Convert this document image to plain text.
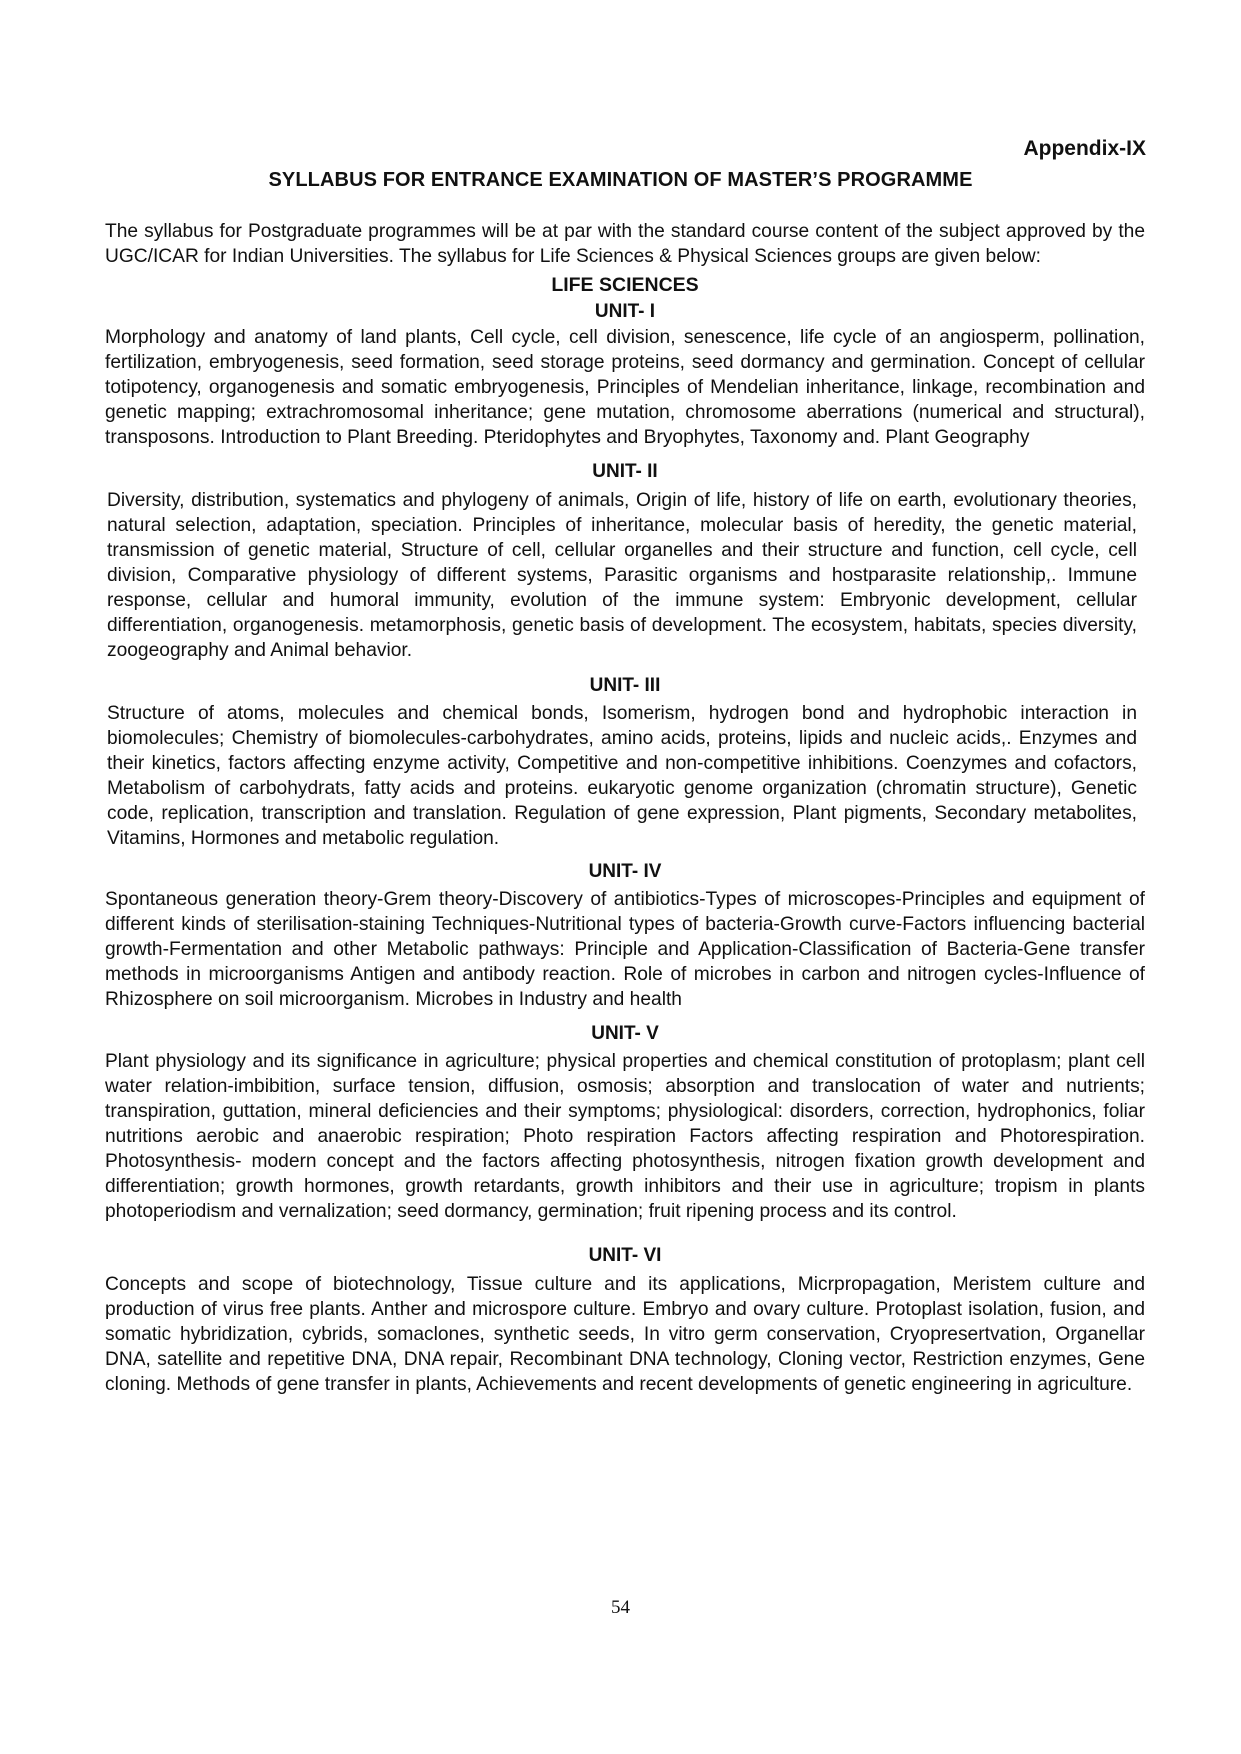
Appendix-IX
SYLLABUS FOR ENTRANCE EXAMINATION OF MASTER’S PROGRAMME

The syllabus for Postgraduate programmes will be at par with the standard course content of the subject approved by the UGC/ICAR for Indian Universities. The syllabus for Life Sciences & Physical Sciences groups are given below:

LIFE SCIENCES
UNIT- I

Morphology and anatomy of land plants, Cell cycle, cell division, senescence, life cycle of an angiosperm, pollination, fertilization, embryogenesis, seed formation, seed storage proteins, seed dormancy and germination. Concept of cellular totipotency, organogenesis and somatic embryogenesis, Principles of Mendelian inheritance, linkage, recombination and genetic mapping; extrachromosomal inheritance; gene mutation, chromosome aberrations (numerical and structural), transposons. Introduction to Plant Breeding. Pteridophytes and Bryophytes, Taxonomy and. Plant Geography

UNIT- II

Diversity, distribution, systematics and phylogeny of animals, Origin of life, history of life on earth, evolutionary theories, natural selection, adaptation, speciation. Principles of inheritance, molecular basis of heredity, the genetic material, transmission of genetic material, Structure of cell, cellular organelles and their structure and function, cell cycle, cell division, Comparative physiology of different systems, Parasitic organisms and hostparasite relationship,. Immune response, cellular and humoral immunity, evolution of the immune system: Embryonic development, cellular differentiation, organogenesis. metamorphosis, genetic basis of development. The ecosystem, habitats, species diversity, zoogeography and Animal behavior.

UNIT- III

Structure of atoms, molecules and chemical bonds, Isomerism, hydrogen bond and hydrophobic interaction in biomolecules; Chemistry of biomolecules-carbohydrates, amino acids, proteins, lipids and nucleic acids,. Enzymes and their kinetics, factors affecting enzyme activity, Competitive and non-competitive inhibitions. Coenzymes and cofactors, Metabolism of carbohydrats, fatty acids and proteins. eukaryotic genome organization (chromatin structure), Genetic code, replication, transcription and translation. Regulation of gene expression, Plant pigments, Secondary metabolites, Vitamins, Hormones and metabolic regulation.

UNIT- IV

Spontaneous generation theory-Grem theory-Discovery of antibiotics-Types of microscopes-Principles and equipment of different kinds of sterilisation-staining Techniques-Nutritional types of bacteria-Growth curve-Factors influencing bacterial growth-Fermentation and other Metabolic pathways: Principle and Application-Classification of Bacteria-Gene transfer methods in microorganisms Antigen and antibody reaction. Role of microbes in carbon and nitrogen cycles-Influence of Rhizosphere on soil microorganism. Microbes in Industry and health

UNIT- V

Plant physiology and its significance in agriculture; physical properties and chemical constitution of protoplasm; plant cell water relation-imbibition, surface tension, diffusion, osmosis; absorption and translocation of water and nutrients; transpiration, guttation, mineral deficiencies and their symptoms; physiological: disorders, correction, hydrophonics, foliar nutritions aerobic and anaerobic respiration; Photo respiration Factors affecting respiration and Photorespiration. Photosynthesis- modern concept and the factors affecting photosynthesis, nitrogen fixation growth development and differentiation; growth hormones, growth retardants, growth inhibitors and their use in agriculture; tropism in plants photoperiodism and vernalization; seed dormancy, germination; fruit ripening process and its control.

UNIT- VI

Concepts and scope of biotechnology, Tissue culture and its applications, Micrpropagation, Meristem culture and production of virus free plants. Anther and microspore culture. Embryo and ovary culture. Protoplast isolation, fusion, and somatic hybridization, cybrids, somaclones, synthetic seeds, In vitro germ conservation, Cryopresertvation, Organellar DNA, satellite and repetitive DNA, DNA repair, Recombinant DNA technology, Cloning vector, Restriction enzymes, Gene cloning. Methods of gene transfer in plants, Achievements and recent developments of genetic engineering in agriculture.

54
